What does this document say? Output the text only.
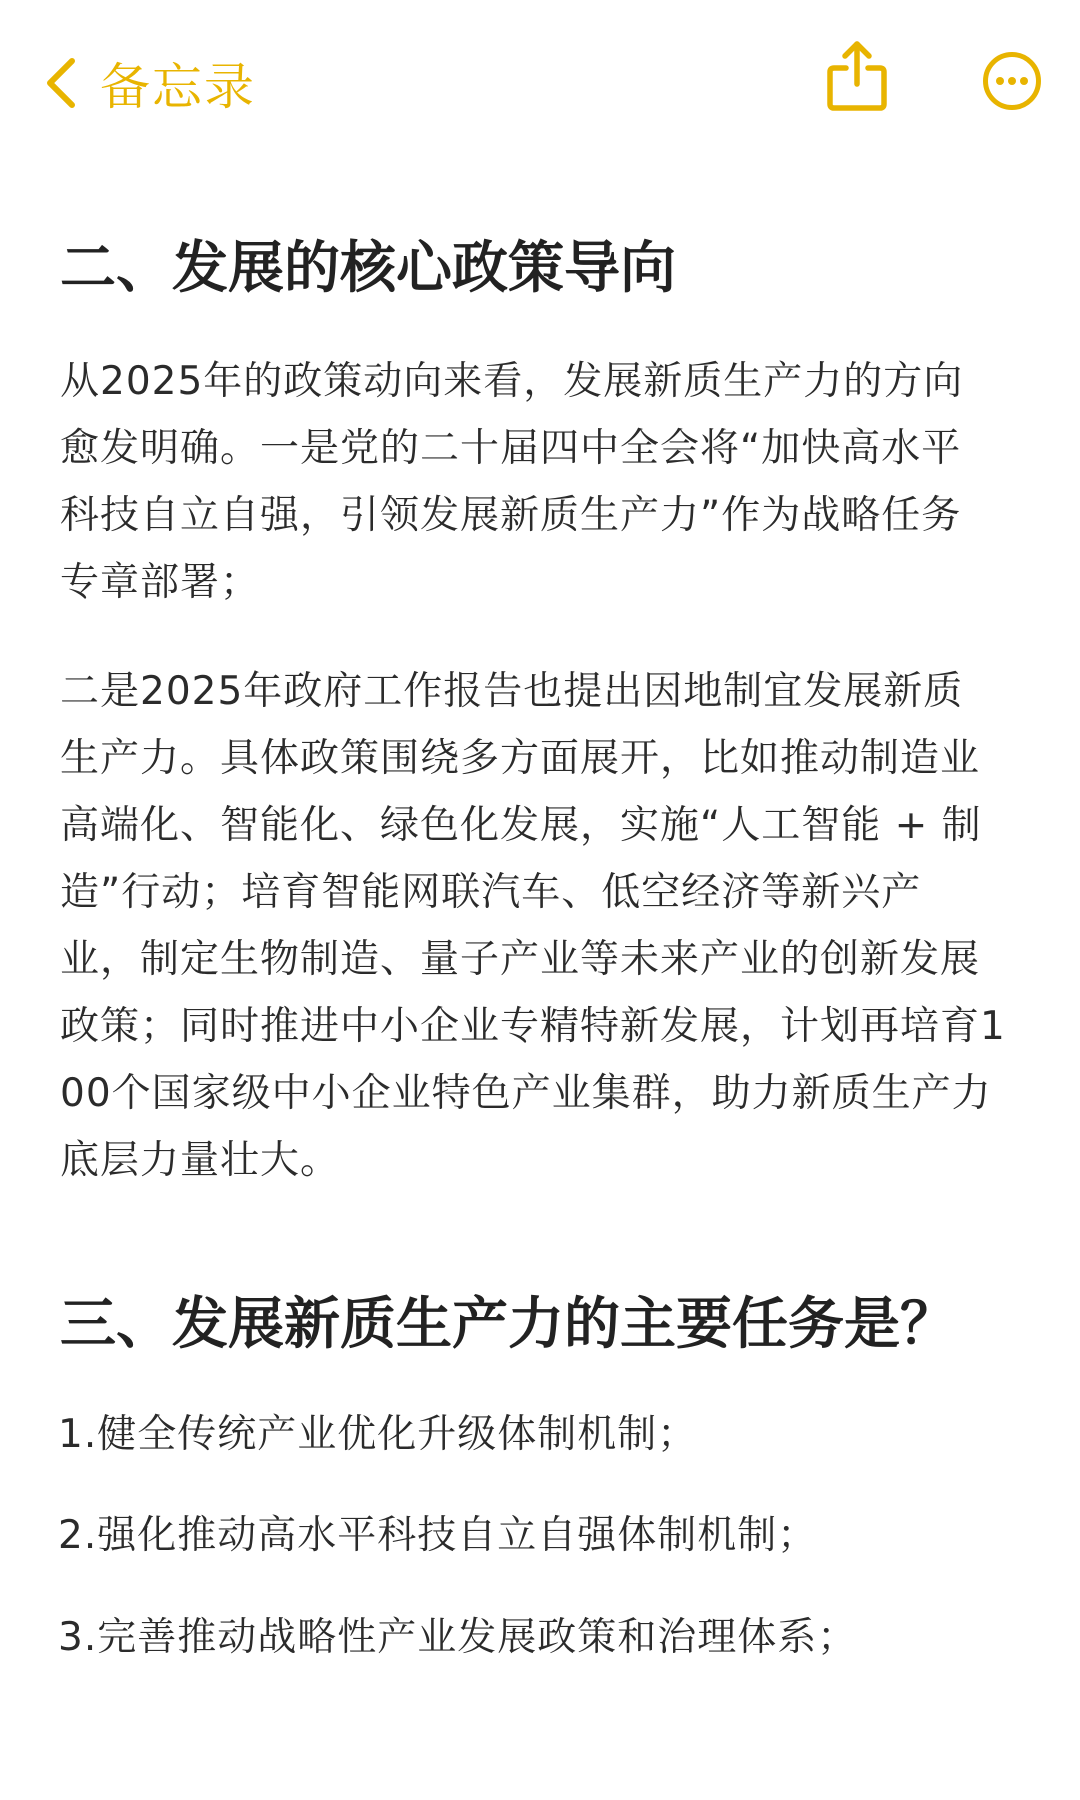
备忘录
二、发展的核心政策导向
从2025年的政策动向来看，发展新质生产力的方向
愈发明确。一是党的二十届四中全会将“加快高水平
科技自立自强，引领发展新质生产力”作为战略任务
专章部署；
二是2025年政府工作报告也提出因地制宜发展新质
生产力。具体政策围绕多方面展开，比如推动制造业
高端化、智能化、绿色化发展，实施“人工智能 + 制
造”行动；培育智能网联汽车、低空经济等新兴产
业，制定生物制造、量子产业等未来产业的创新发展
政策；同时推进中小企业专精特新发展，计划再培育1
00个国家级中小企业特色产业集群，助力新质生产力
底层力量壮大。
三、发展新质生产力的主要任务是？
1.健全传统产业优化升级体制机制；
2.强化推动高水平科技自立自强体制机制；
3.完善推动战略性产业发展政策和治理体系；
